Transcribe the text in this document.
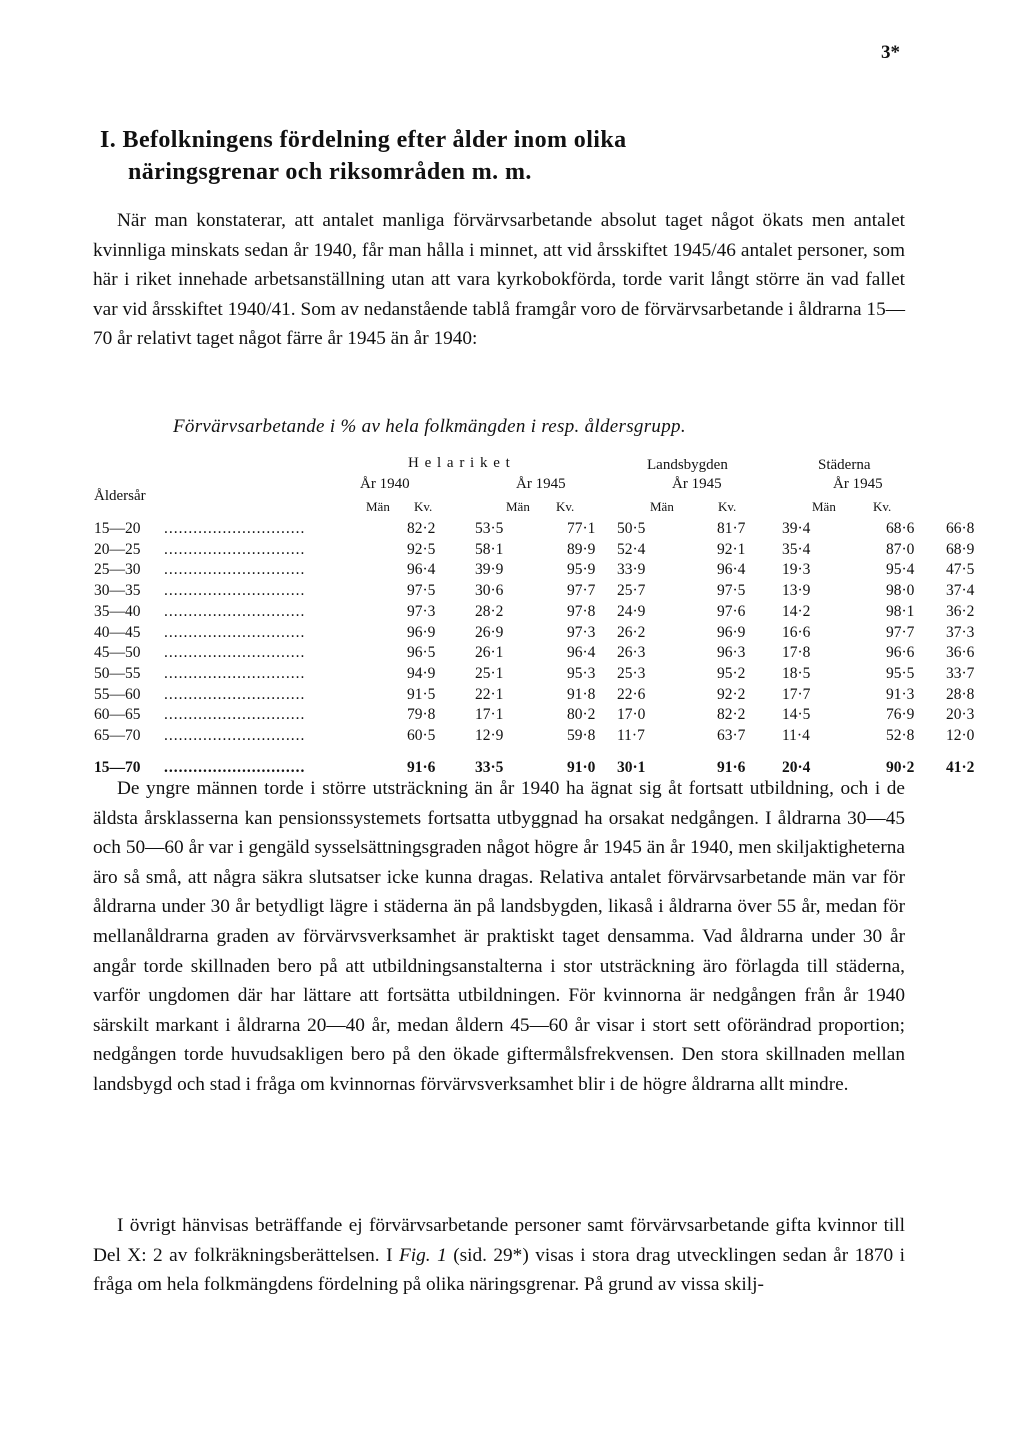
3*
I. Befolkningens fördelning efter ålder inom olika
näringsgrenar och riksområden m. m.

När man konstaterar, att antalet manliga förvärvsarbetande absolut taget något ökats men antalet kvinnliga minskats sedan år 1940, får man hålla i minnet, att vid årsskiftet 1945/46 antalet personer, som här i riket innehade arbetsanställning utan att vara kyrkobokförda, torde varit långt större än vad fallet var vid årsskiftet 1940/41. Som av nedanstående tablå framgår voro de förvärvsarbetande i åldrarna 15—70 år relativt taget något färre år 1945 än år 1940:

Förvärvsarbetande i % av hela folkmängden i resp. åldersgrupp.
H e l a r i k e t	Landsbygden	Städerna
År 1940	År 1945	År 1945	År 1945
Åldersår
Män Kv.	Män Kv.	Män	Kv.	Män	Kv.
15—20	.............................	82·2	53·5	77·1	50·5	81·7	39·4	68·6	66·8
20—25	.............................	92·5	58·1	89·9	52·4	92·1	35·4	87·0	68·9
25—30	.............................	96·4	39·9	95·9	33·9	96·4	19·3	95·4	47·5
30—35	.............................	97·5	30·6	97·7	25·7	97·5	13·9	98·0	37·4
35—40	.............................	97·3	28·2	97·8	24·9	97·6	14·2	98·1	36·2
40—45	.............................	96·9	26·9	97·3	26·2	96·9	16·6	97·7	37·3
45—50	.............................	96·5	26·1	96·4	26·3	96·3	17·8	96·6	36·6
50—55	.............................	94·9	25·1	95·3	25·3	95·2	18·5	95·5	33·7
55—60	.............................	91·5	22·1	91·8	22·6	92·2	17·7	91·3	28·8
60—65	.............................	79·8	17·1	80·2	17·0	82·2	14·5	76·9	20·3
65—70	.............................	60·5	12·9	59·8	11·7	63·7	11·4	52·8	12·0
15—70	.............................	91·6	33·5	91·0	30·1	91·6	20·4	90·2	41·2

De yngre männen torde i större utsträckning än år 1940 ha ägnat sig åt fortsatt utbildning, och i de äldsta årsklasserna kan pensionssystemets fortsatta utbyggnad ha orsakat nedgången. I åldrarna 30—45 och 50—60 år var i gengäld sysselsättningsgraden något högre år 1945 än år 1940, men skiljaktigheterna äro så små, att några säkra slutsatser icke kunna dragas. Relativa antalet förvärvsarbetande män var för åldrarna under 30 år betydligt lägre i städerna än på landsbygden, likaså i åldrarna över 55 år, medan för mellanåldrarna graden av förvärvsverksamhet är praktiskt taget densamma. Vad åldrarna under 30 år angår torde skillnaden bero på att utbildningsanstalterna i stor utsträckning äro förlagda till städerna, varför ungdomen där har lättare att fortsätta utbildningen. För kvinnorna är nedgången från år 1940 särskilt markant i åldrarna 20—40 år, medan åldern 45—60 år visar i stort sett oförändrad proportion; nedgången torde huvudsakligen bero på den ökade giftermålsfrekvensen. Den stora skillnaden mellan landsbygd och stad i fråga om kvinnornas förvärvsverksamhet blir i de högre åldrarna allt mindre.

I övrigt hänvisas beträffande ej förvärvsarbetande personer samt förvärvsarbetande gifta kvinnor till Del X: 2 av folkräkningsberättelsen. I Fig. 1 (sid. 29*) visas i stora drag utvecklingen sedan år 1870 i fråga om hela folkmängdens fördelning på olika näringsgrenar. På grund av vissa skilj-
